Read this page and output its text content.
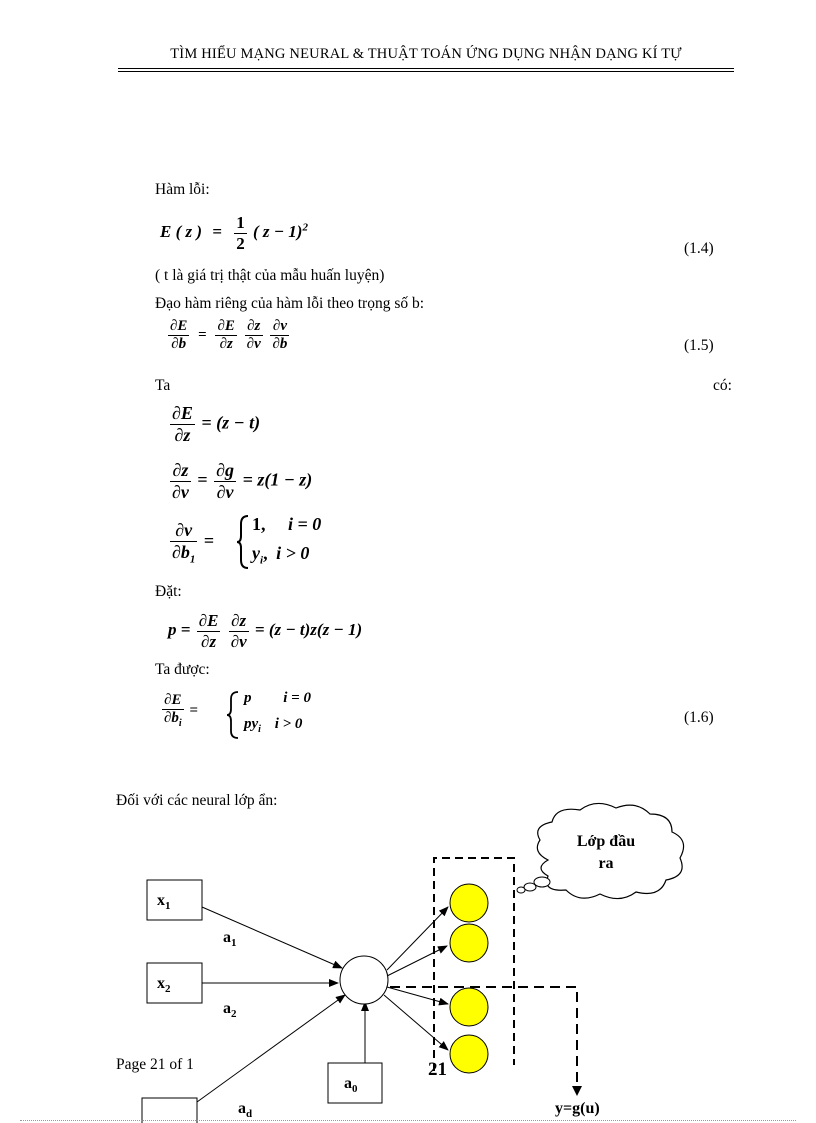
TÌM HIỂU MẠNG NEURAL & THUẬT TOÁN ỨNG DỤNG NHẬN DẠNG KÍ TỰ
Hàm lỗi:
E ( z ) = $\frac{1}{2}$ ( z − 1)$^2$
(1.4)
( t là giá trị thật của mẫu huấn luyện)
Đạo hàm riêng của hàm lỗi theo trọng số b:
$\frac{\partial E}{\partial b} = \frac{\partial E}{\partial z}$
$\frac{\partial z}{\partial v}$
$\frac{\partial v}{\partial b}$	(1.5)
Ta	có:
$\frac{\partial E}{\partial z} = (z - t)$
$\frac{\partial z}{\partial v} = \frac{\partial g}{\partial v} = z(1 - z)$
$\frac{\partial v}{\partial b_1}$ =
1, i = 0
$y_i$, i > 0
Đặt:
$p = \frac{\partial E}{\partial z}$
$\frac{\partial z}{\partial v} = (z - t)z(z - 1)$
Ta được:
$\frac{\partial E}{\partial b_i}$ =
p i = 0
$py_i$ i > 0	(1.6)
Đối với các neural lớp ẩn:
Lớp đầu
ra
$x_1$
$x_2$
$a_0$
$a_1$
$a_2$
$a_d$	y=g(u)
21
Page 21 of 1
